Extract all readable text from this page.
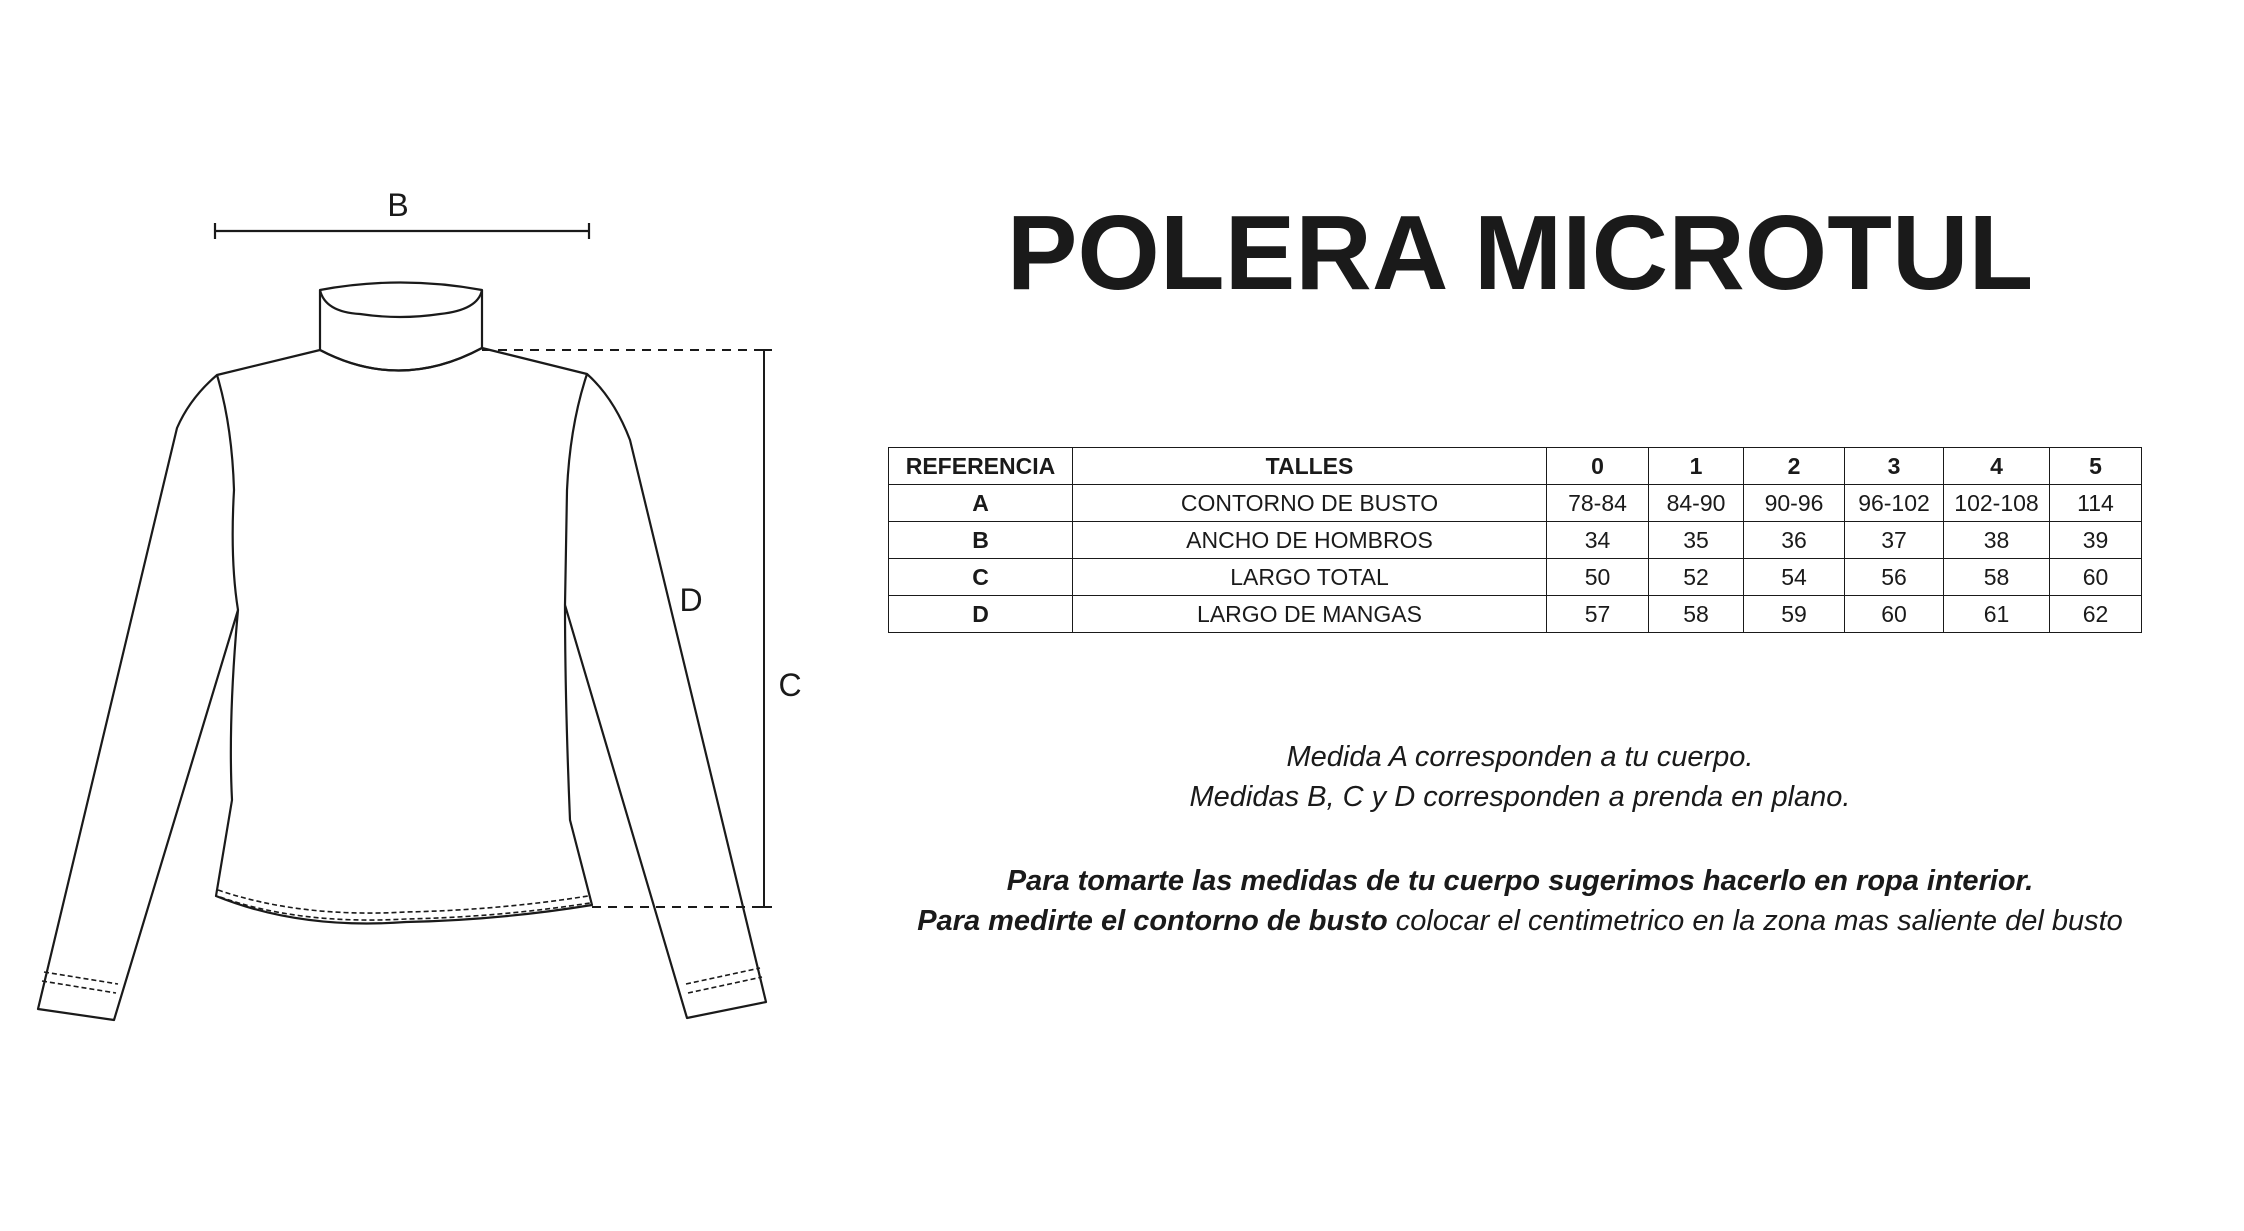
B
D
C
POLERA MICROTUL
REFERENCIA	TALLES	0	1	2	3	4	5
A	CONTORNO DE BUSTO	78-84	84-90	90-96	96-102	102-108	114
B	ANCHO DE HOMBROS	34	35	36	37	38	39
C	LARGO TOTAL	50	52	54	56	58	60
D	LARGO DE MANGAS	57	58	59	60	61	62
Medida A corresponden a tu cuerpo.
Medidas B, C y D corresponden a prenda en plano.
Para tomarte las medidas de tu cuerpo sugerimos hacerlo en ropa interior.
Para medirte el contorno de busto colocar el centimetrico en la zona mas saliente del busto
